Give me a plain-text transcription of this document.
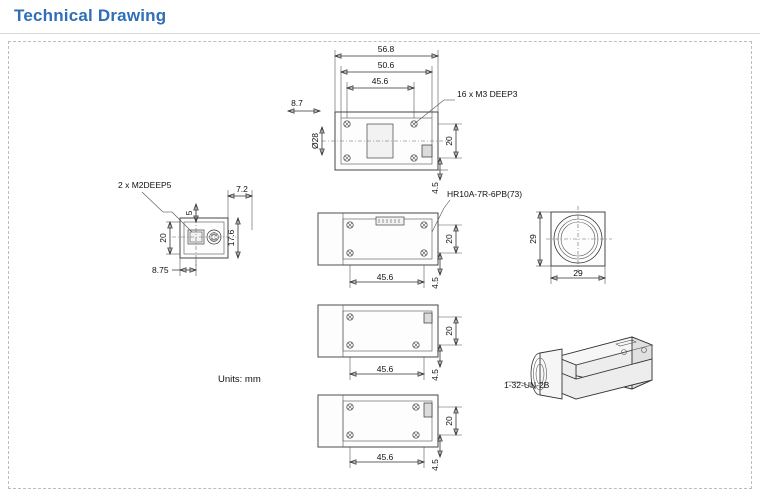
Technical Drawing
Units: mm
56.8
50.6
45.6
8.7
Ø28	20
4.5
16 x M3 DEEP3
2 x M2DEEP5	7.2
5
20	17.6
8.75
HR10A-7R-6PB(73)
45.6
20
4.5
45.6
20
4.5
45.6
20
4.5
29
29
1-32-UN-2B
